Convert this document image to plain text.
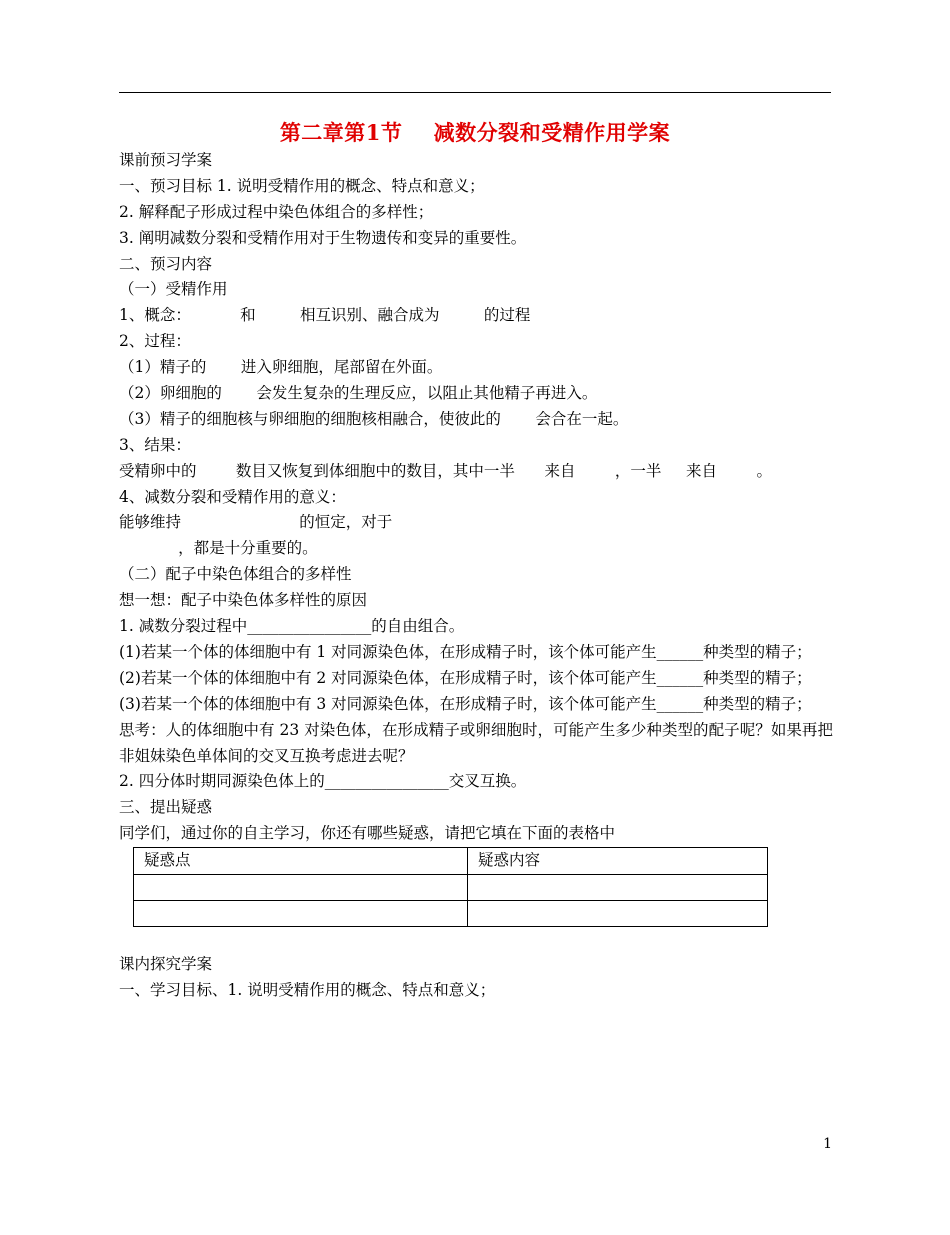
第二章第1节    减数分裂和受精作用学案
课前预习学案
一、预习目标 1. 说明受精作用的概念、特点和意义；
2. 解释配子形成过程中染色体组合的多样性；
3. 阐明减数分裂和受精作用对于生物遗传和变异的重要性。
二、预习内容
（一）受精作用
1、概念：          和         相互识别、融合成为         的过程
2、过程：
（1）精子的       进入卵细胞，尾部留在外面。
（2）卵细胞的       会发生复杂的生理反应，以阻止其他精子再进入。
（3）精子的细胞核与卵细胞的细胞核相融合，使彼此的       会合在一起。
3、结果：
受精卵中的        数目又恢复到体细胞中的数目，其中一半      来自        ，一半     来自        。
4、减数分裂和受精作用的意义：
能够维持                        的恒定，对于
，都是十分重要的。
（二）配子中染色体组合的多样性
想一想：配子中染色体多样性的原因
1. 减数分裂过程中________________的自由组合。
(1)若某一个体的体细胞中有 1 对同源染色体，在形成精子时，该个体可能产生______种类型的精子；
(2)若某一个体的体细胞中有 2 对同源染色体，在形成精子时，该个体可能产生______种类型的精子；
(3)若某一个体的体细胞中有 3 对同源染色体，在形成精子时，该个体可能产生______种类型的精子；
思考：人的体细胞中有 23 对染色体，在形成精子或卵细胞时，可能产生多少种类型的配子呢？如果再把非姐妹染色单体间的交叉互换考虑进去呢？
2. 四分体时期同源染色体上的________________交叉互换。
三、提出疑惑
同学们，通过你的自主学习，你还有哪些疑惑，请把它填在下面的表格中
疑惑点	疑惑内容

课内探究学案
一、学习目标、1. 说明受精作用的概念、特点和意义；
1
